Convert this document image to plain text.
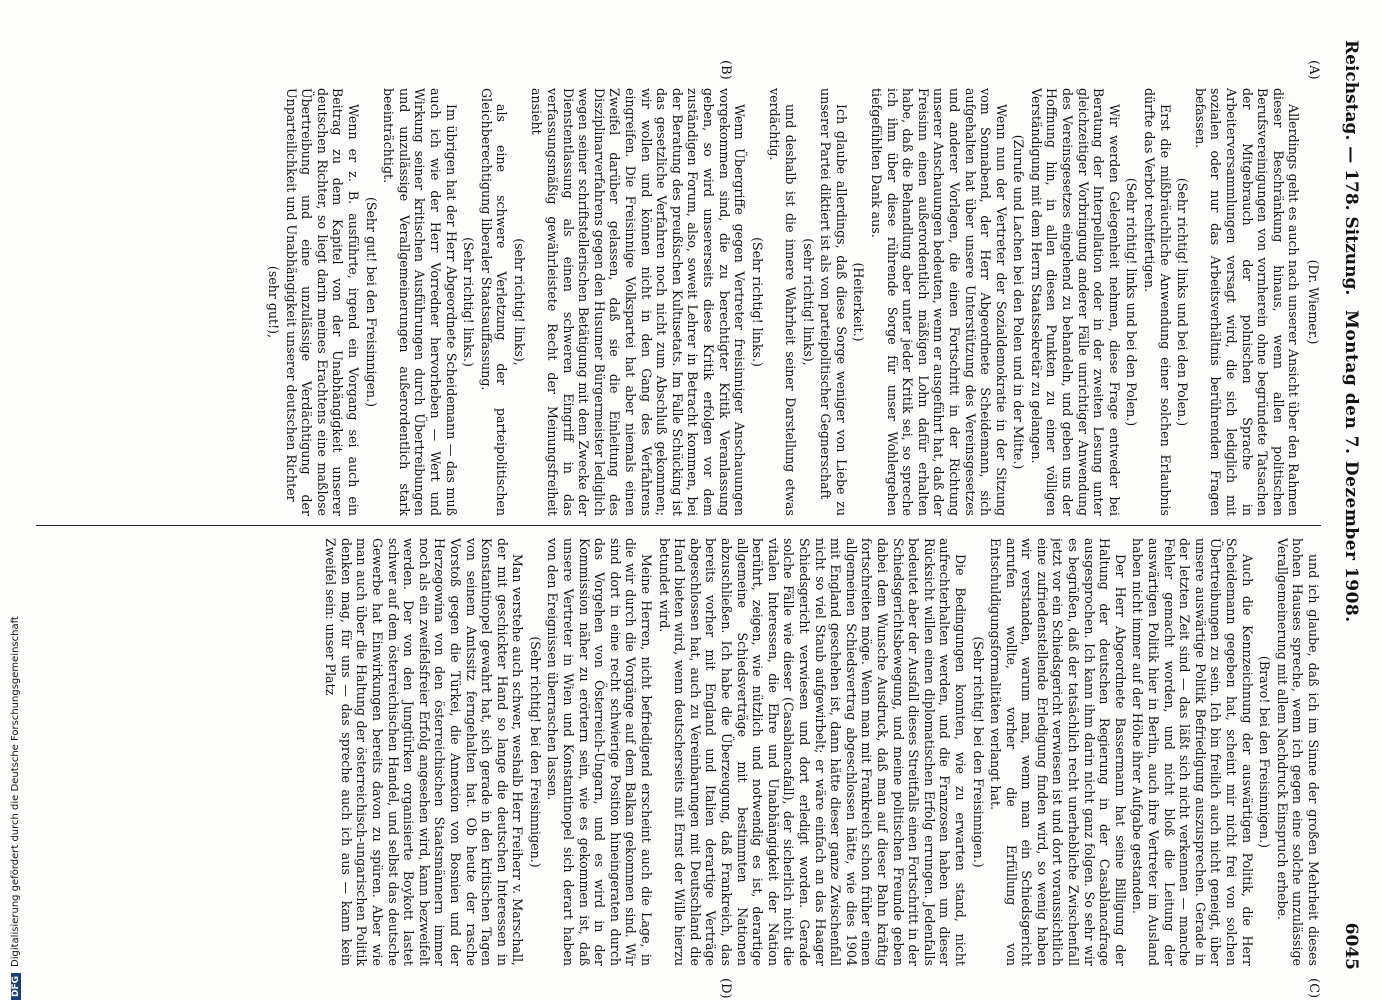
Reichstag. — 178. Sitzung.
Montag den 7. Dezember 1908.
6045
(A)
(B)
(C)
(D)
(Dr. Wiemer.)

Allerdings geht es auch nach unserer Ansicht über den Rahmen dieser Beschränkung hinaus, wenn allen politischen Berufsvereinigungen von vornherein ohne begründete Tatsachen der Mitgebrauch der polnischen Sprache in Arbeiterversammlungen versagt wird, die sich lediglich mit sozialen oder nur das Arbeitsverhältnis berührenden Fragen befassen.

(Sehr richtig! links und bei den Polen.)

Erst die mißbräuchliche Anwendung einer solchen Erlaubnis dürfte das Verbot rechtfertigen.

(Sehr richtig! links und bei den Polen.)

Wir werden Gelegenheit nehmen, diese Frage entweder bei Beratung der Interpellation oder in der zweiten Lesung unter gleichzeitiger Vorbringung anderer Fälle unrichtiger Anwendung des Vereinsgesetzes eingehend zu behandeln, und geben uns der Hoffnung hin, in allen diesen Punkten zu einer völligen Verständigung mit dem Herrn Staatssekretär zu gelangen.

(Zurufe und Lachen bei den Polen und in der Mitte.)

Wenn nun der Vertreter der Sozialdemokratie in der Sitzung vom Sonnabend, der Herr Abgeordnete Scheidemann, sich aufgehalten hat über unsere Unterstützung des Vereinsgesetzes und anderer Vorlagen, die einen Fortschritt in der Richtung unserer Anschauungen bedeuten, wenn er ausgeführt hat, daß der Freisinn einen außerordentlich mäßigen Lohn dafür erhalten habe, daß die Behandlung aber unter jeder Kritik sei, so spreche ich ihm über diese rührende Sorge für unser Wohlergehen tiefgefühlten Dank aus.

(Heiterkeit.)

Ich glaube allerdings, daß diese Sorge weniger von Liebe zu unserer Partei diktiert ist als von parteipolitischer Gegnerschaft

(sehr richtig! links),

und deshalb ist die innere Wahrheit seiner Darstellung etwas verdächtig.

(Sehr richtig! links.)

Wenn Übergriffe gegen Vertreter freisinniger Anschauungen vorgekommen sind, die zu berechtigter Kritik Veranlassung geben, so wird unsererseits diese Kritik erfolgen vor dem zuständigen Forum, also, soweit Lehrer in Betracht kommen, bei der Beratung des preußischen Kultusetats. Im Falle Schücking ist das gesetzliche Verfahren noch nicht zum Abschluß gekommen; wir wollen und können nicht in den Gang des Verfahrens eingreifen. Die Freisinnige Volkspartei hat aber niemals einen Zweifel darüber gelassen, daß sie die Einleitung des Disziplinarverfahrens gegen den Husumer Bürgermeister lediglich wegen seiner schriftstellerischen Betätigung mit dem Zwecke der Dienstentlassung als einen schweren Eingriff in das verfassungsmäßig gewährleistete Recht der Meinungsfreiheit ansieht

(sehr richtig! links),

als eine schwere Verletzung der parteipolitischen Gleichberechtigung liberaler Staatsauffassung.

(Sehr richtig! links.)

Im übrigen hat der Herr Abgeordnete Scheidemann — das muß auch ich wie der Herr Vorredner hervorheben — Wert und Wirkung seiner kritischen Ausführungen durch Übertreibungen und unzulässige Verallgemeinerungen außerordentlich stark beeinträchtigt.

(Sehr gut! bei den Freisinnigen.)

Wenn er z. B. ausführte, irgend ein Vorgang sei auch ein Beitrag zu dem Kapitel von der Unabhängigkeit unserer deutschen Richter, so liegt darin meines Erachtens eine maßlose Übertreibung und eine unzulässige Verdächtigung der Unparteilichkeit und Unabhängigkeit unserer deutschen Richter

(sehr gut!),

und ich glaube, daß ich im Sinne der großen Mehrheit dieses hohen Hauses spreche, wenn ich gegen eine solche unzulässige Verallgemeinerung mit allem Nachdruck Einspruch erhebe.

(Bravo! bei den Freisinnigen.)

Auch die Kennzeichnung der auswärtigen Politik, die Herr Scheidemann gegeben hat, scheint mir nicht frei von solchen Übertreibungen zu sein. Ich bin freilich auch nicht geneigt, über unsere auswärtige Politik Befriedigung auszusprechen. Gerade in der letzten Zeit sind — das läßt sich nicht verkennen — manche Fehler gemacht worden, und nicht bloß die Leitung der auswärtigen Politik hier in Berlin, auch ihre Vertreter im Ausland haben nicht immer auf der Höhe ihrer Aufgabe gestanden.

Der Herr Abgeordnete Bassermann hat seine Billigung der Haltung der deutschen Regierung in der Casablancafrage ausgesprochen. Ich kann ihm darin nicht ganz folgen. So sehr wir es begrüßen, daß der tatsächlich recht unerhebliche Zwischenfall jetzt vor ein Schiedsgericht verwiesen ist und dort voraussichtlich eine zufriedenstellende Erledigung finden wird, so wenig haben wir verstanden, warum man, wenn man ein Schiedsgericht anrufen wollte, vorher die Erfüllung von Entschuldigungsformalitäten verlangt hat.

(Sehr richtig! bei den Freisinnigen.)

Die Bedingungen konnten, wie zu erwarten stand, nicht aufrechterhalten werden, und die Franzosen haben um dieser Rücksicht willen einen diplomatischen Erfolg errungen. Jedenfalls bedeutet aber der Ausfall dieses Streitfalls einen Fortschritt in der Schiedsgerichtsbewegung, und meine politischen Freunde geben dabei dem Wunsche Ausdruck, daß man auf dieser Bahn kräftig fortschreiten möge. Wenn man mit Frankreich schon früher einen allgemeinen Schiedsvertrag abgeschlossen hätte, wie dies 1904 mit England geschehen ist, dann hätte dieser ganze Zwischenfall nicht so viel Staub aufgewirbelt; er wäre einfach an das Haager Schiedsgericht verwiesen und dort erledigt worden. Gerade solche Fälle wie dieser (Casablancafall), der sicherlich nicht die vitalen Interessen, die Ehre und Unabhängigkeit der Nation berührt, zeigen, wie nützlich und notwendig es ist, derartige allgemeine Schiedsverträge mit bestimmten Nationen abzuschließen. Ich habe die Überzeugung, daß Frankreich, das bereits vorher mit England und Italien derartige Verträge abgeschlossen hat, auch zu Vereinbarungen mit Deutschland die Hand bieten wird, wenn deutscherseits mit Ernst der Wille hierzu betundet wird.

Meine Herren, nicht befriedigend erscheint auch die Lage, in die wir durch die Vorgänge auf dem Balkan gekommen sind. Wir sind dort in eine recht schwierige Position hineingeraten durch das Vorgehen von Österreich-Ungarn, und es wird in der Kommission näher zu erörtern sein, wie es gekommen ist, daß unsere Vertreter in Wien und Konstantinopel sich derart haben von den Ereignissen überraschen lassen.

(Sehr richtig! bei den Freisinnigen.)

Man verstehe auch schwer, weshalb Herr Freiherr v. Marschall, der mit geschickter Hand so lange die deutschen Interessen in Konstantinopel gewahrt hat, sich gerade in den kritischen Tagen von seinem Amtssitz ferngehalten hat. Ob heute der rasche Vorstoß gegen die Türkei, die Annexion von Bosnien und der Herzegowina von den österreichischen Staatsmännern immer noch als ein zweifelsfreier Erfolg angesehen wird, kann bezweifelt werden. Der von den Jungtürken organisierte Boykott lastet schwer auf dem österreichischen Handel, und selbst das deutsche Gewerbe hat Einwirkungen bereits davon zu spüren. Aber wie man auch über die Haltung der österreichisch-ungarischen Politik denken mag, für uns — das spreche auch ich aus — kann kein Zweifel sein: unser Platz

DFGDigitalisierung gefördert durch die Deutsche Forschungsgemeinschaft
